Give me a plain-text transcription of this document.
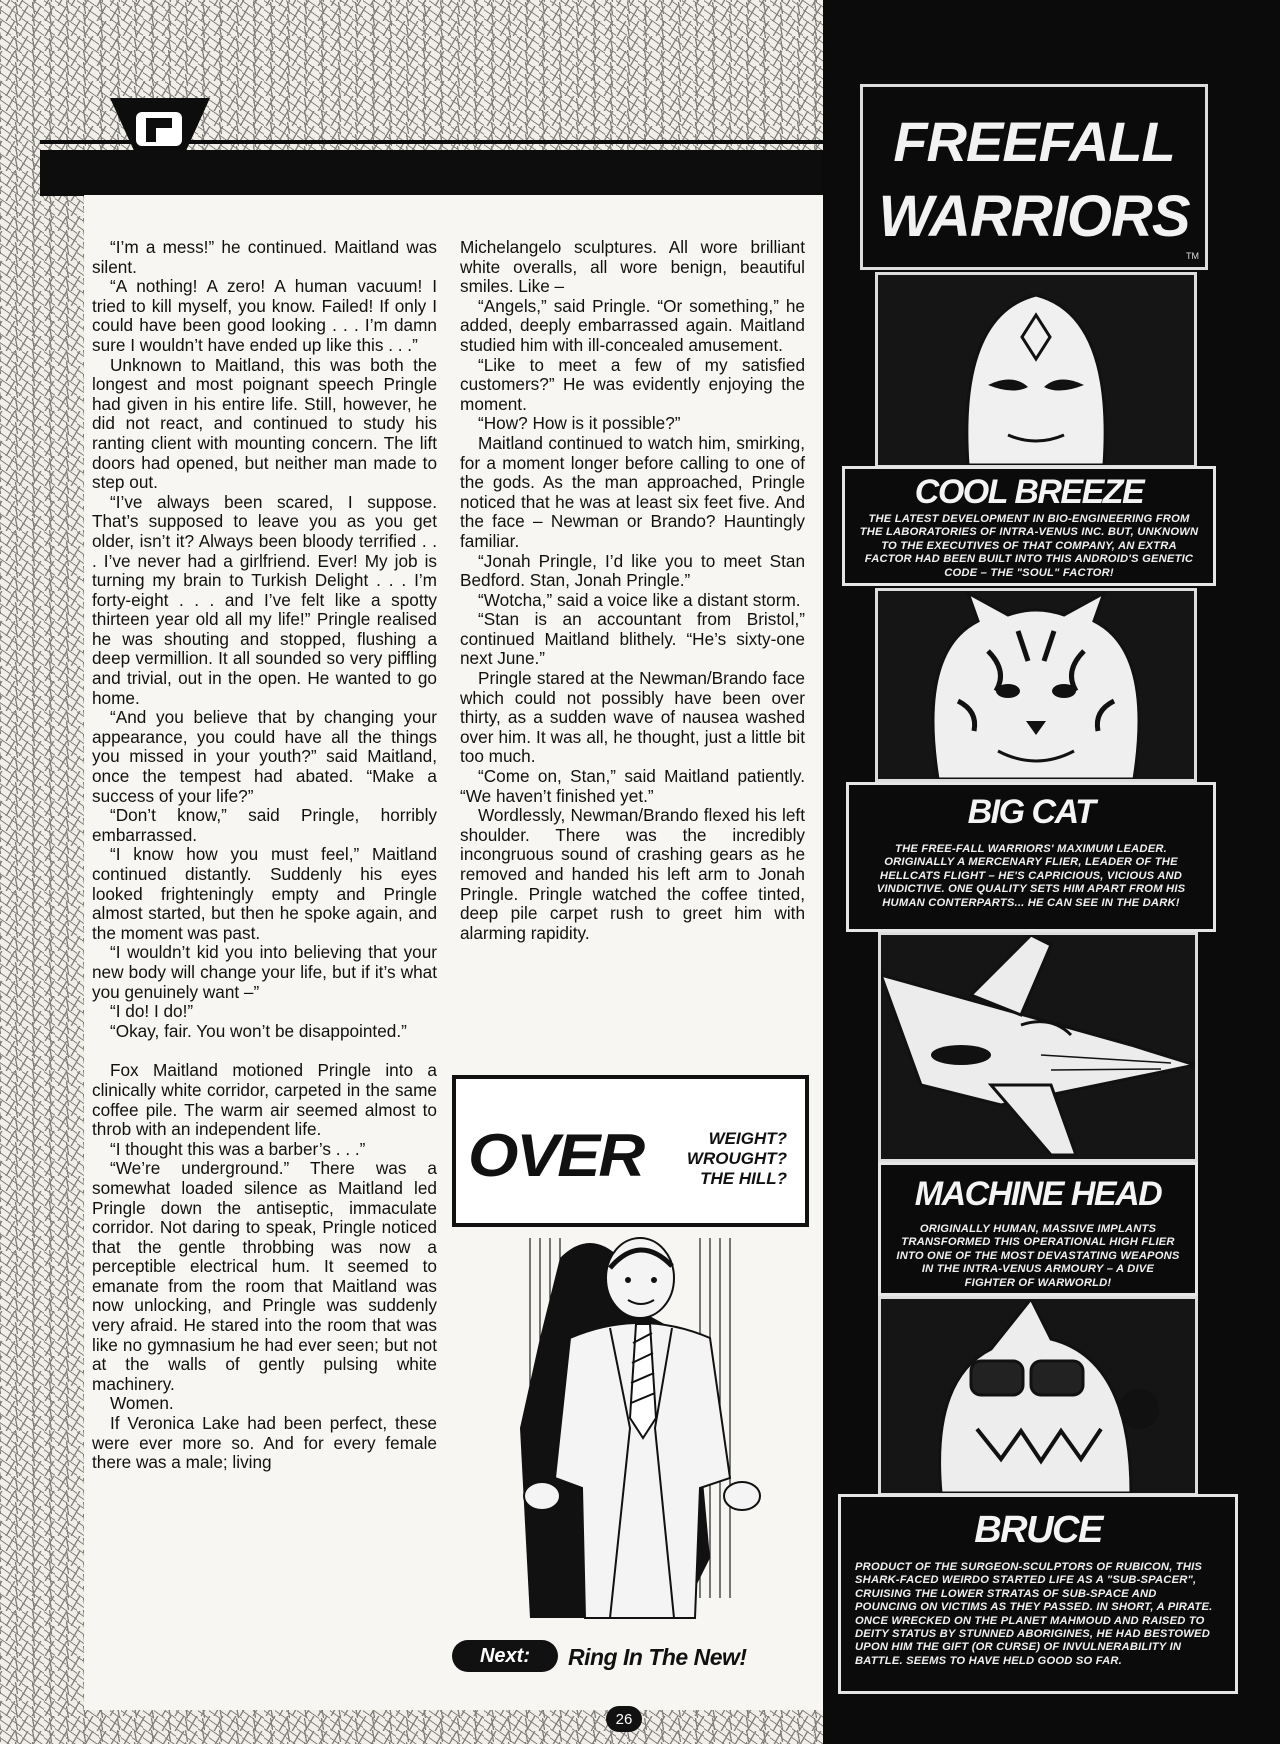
“I’m a mess!” he continued. Maitland was silent.

“A nothing! A zero! A human vacuum! I tried to kill myself, you know. Failed! If only I could have been good looking . . . I’m damn sure I wouldn’t have ended up like this . . .”

Unknown to Maitland, this was both the longest and most poignant speech Pringle had given in his entire life. Still, however, he did not react, and continued to study his ranting client with mounting concern. The lift doors had opened, but neither man made to step out.

“I’ve always been scared, I suppose. That’s supposed to leave you as you get older, isn’t it? Always been bloody terrified . . . I’ve never had a girlfriend. Ever! My job is turning my brain to Turkish Delight . . . I’m forty-eight . . . and I’ve felt like a spotty thirteen year old all my life!” Pringle realised he was shouting and stopped, flushing a deep vermillion. It all sounded so very piffling and trivial, out in the open. He wanted to go home.

“And you believe that by changing your appearance, you could have all the things you missed in your youth?” said Maitland, once the tempest had abated. “Make a success of your life?”

“Don’t know,” said Pringle, horribly embarrassed.

“I know how you must feel,” Maitland continued distantly. Suddenly his eyes looked frighteningly empty and Pringle almost started, but then he spoke again, and the moment was past.

“I wouldn’t kid you into believing that your new body will change your life, but if it’s what you genuinely want –”

“I do! I do!”

“Okay, fair. You won’t be disappointed.”

Fox Maitland motioned Pringle into a clinically white corridor, carpeted in the same coffee pile. The warm air seemed almost to throb with an independent life.

“I thought this was a barber’s . . .”

“We’re underground.” There was a somewhat loaded silence as Maitland led Pringle down the antiseptic, immaculate corridor. Not daring to speak, Pringle noticed that the gentle throbbing was now a perceptible electrical hum. It seemed to emanate from the room that Maitland was now unlocking, and Pringle was suddenly very afraid. He stared into the room that was like no gymnasium he had ever seen; but not at the walls of gently pulsing white machinery.

Women.

If Veronica Lake had been perfect, these were ever more so. And for every female there was a male; living

Michelangelo sculptures. All wore brilliant white overalls, all wore benign, beautiful smiles. Like –

“Angels,” said Pringle. “Or something,” he added, deeply embarrassed again. Maitland studied him with ill-concealed amusement.

“Like to meet a few of my satisfied customers?” He was evidently enjoying the moment.

“How? How is it possible?”

Maitland continued to watch him, smirking, for a moment longer before calling to one of the gods. As the man approached, Pringle noticed that he was at least six feet five. And the face – Newman or Brando? Hauntingly familiar.

“Jonah Pringle, I’d like you to meet Stan Bedford. Stan, Jonah Pringle.”

“Wotcha,” said a voice like a distant storm.

“Stan is an accountant from Bristol,” continued Maitland blithely. “He’s sixty-one next June.”

Pringle stared at the Newman/Brando face which could not possibly have been over thirty, as a sudden wave of nausea washed over him. It was all, he thought, just a little bit too much.

“Come on, Stan,” said Maitland patiently. “We haven’t finished yet.”

Wordlessly, Newman/Brando flexed his left shoulder. There was the incredibly incongruous sound of crashing gears as he removed and handed his left arm to Jonah Pringle. Pringle watched the coffee tinted, deep pile carpet rush to greet him with alarming rapidity.

OVER	WEIGHT?
WROUGHT?
THE HILL?
Next:	Ring In The New!
26
FREEFALL
WARRIORS
TM
COOL BREEZE
THE LATEST DEVELOPMENT IN BIO-ENGINEERING FROM THE LABORATORIES OF INTRA-VENUS INC. BUT, UNKNOWN TO THE EXECUTIVES OF THAT COMPANY, AN EXTRA FACTOR HAD BEEN BUILT INTO THIS ANDROID'S GENETIC CODE – THE "SOUL" FACTOR!
BIG CAT
THE FREE-FALL WARRIORS' MAXIMUM LEADER. ORIGINALLY A MERCENARY FLIER, LEADER OF THE HELLCATS FLIGHT – HE'S CAPRICIOUS, VICIOUS AND VINDICTIVE. ONE QUALITY SETS HIM APART FROM HIS HUMAN CONTERPARTS... HE CAN SEE IN THE DARK!
MACHINE HEAD
ORIGINALLY HUMAN, MASSIVE IMPLANTS TRANSFORMED THIS OPERATIONAL HIGH FLIER INTO ONE OF THE MOST DEVASTATING WEAPONS IN THE INTRA-VENUS ARMOURY – A DIVE FIGHTER OF WARWORLD!
BRUCE
PRODUCT OF THE SURGEON-SCULPTORS OF RUBICON, THIS SHARK-FACED WEIRDO STARTED LIFE AS A "SUB-SPACER", CRUISING THE LOWER STRATAS OF SUB-SPACE AND POUNCING ON VICTIMS AS THEY PASSED. IN SHORT, A PIRATE. ONCE WRECKED ON THE PLANET MAHMOUD AND RAISED TO DEITY STATUS BY STUNNED ABORIGINES, HE HAD BESTOWED UPON HIM THE GIFT (OR CURSE) OF INVULNERABILITY IN BATTLE. SEEMS TO HAVE HELD GOOD SO FAR.
